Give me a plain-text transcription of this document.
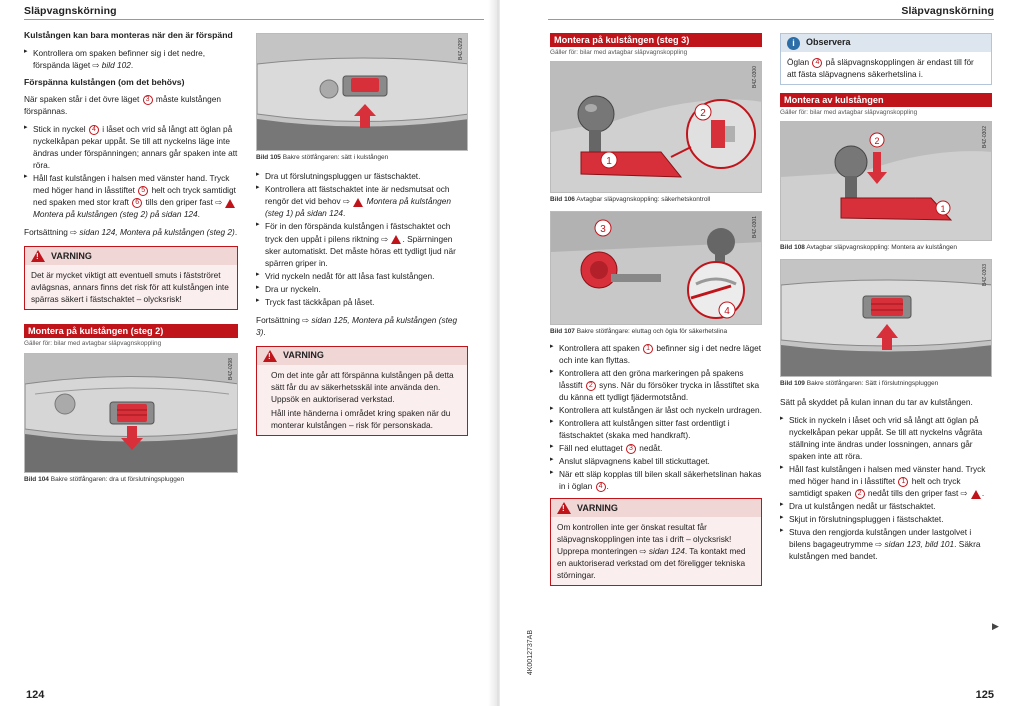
Släpvagnskörning
Kulstången kan bara monteras när den är förspänd
▸ Kontrollera om spaken befinner sig i det nedre, förspända läget ⇨ bild 102.
Förspänna kulstången (om det behövs)

När spaken står i det övre läget 3 måste kulstången förspännas.

▸ Stick in nyckel 4 i låset och vrid så långt att öglan på nyckelkåpan pekar uppåt. Se till att nyckelns läge inte ändras under förspänningen; annars går spaken inte att röra.
▸ Håll fast kulstången i halsen med vänster hand. Tryck med höger hand in låsstiftet 5 helt och tryck samtidigt ned spaken med stor kraft 6 tills den griper fast ⇨  Montera på kulstången (steg 2) på sidan 124.

Fortsättning ⇨ sidan 124, Montera på kulstången (steg 2).

!
VARNING
Det är mycket viktigt att eventuell smuts i fästströret avlägsnas, annars finns det risk för att kulstången inte spärras säkert i fästschaktet – olycksrisk!
Montera på kulstången (steg 2)
Gäller för: bilar med avtagbar släpvagnskoppling
B4Z-0298
Bild 104 Bakre stötfångaren: dra ut förslutningspluggen
B4Z-0299
Bild 105 Bakre stötfångaren: sätt i kulstången
▸ Dra ut förslutningspluggen ur fästschaktet.
▸ Kontrollera att fästschaktet inte är nedsmutsat och rengör det vid behov ⇨  Montera på kulstången (steg 1) på sidan 124.
▸ För in den förspända kulstången i fästschaktet och tryck den uppåt i pilens riktning ⇨ . Spärrningen sker automatiskt. Det måste höras ett tydligt ljud när spärren griper in.
▸ Vrid nyckeln nedåt för att låsa fast kulstången.
▸ Dra ur nyckeln.
▸ Tryck fast täckkåpan på låset.

Fortsättning ⇨ sidan 125, Montera på kulstången (steg 3).

!
VARNING
Om det inte går att förspänna kulstången på detta sätt får du av säkerhetsskäl inte använda den. Uppsök en auktoriserad verkstad.
Håll inte händerna i området kring spaken när du monterar kulstången – risk för personskada.
124
Släpvagnskörning
Montera på kulstången (steg 3)
Gäller för: bilar med avtagbar släpvagnskoppling
1
2
B4Z-0300
Bild 106 Avtagbar släpvagnskoppling: säkerhetskontroll
3
4
B4Z-0301
Bild 107 Bakre stötfångare: eluttag och ögla för säkerhetslina
▸ Kontrollera att spaken 1 befinner sig i det nedre läget och inte kan flyttas.
▸ Kontrollera att den gröna markeringen på spakens låsstift 2 syns. När du försöker trycka in låsstiftet ska du känna ett tydligt fjädermotstånd.
▸ Kontrollera att kulstången är låst och nyckeln urdragen.
▸ Kontrollera att kulstången sitter fast ordentligt i fästschaktet (skaka med handkraft).
▸ Fäll ned eluttaget 3 nedåt.
▸ Anslut släpvagnens kabel till stickuttaget.
▸ När ett släp kopplas till bilen skall säkerhetslinan hakas in i öglan 4 .
!
VARNING
Om kontrollen inte ger önskat resultat får släpvagnskopplingen inte tas i drift – olycksrisk! Upprepa monteringen ⇨ sidan 124. Ta kontakt med en auktoriserad verkstad om det föreligger tekniska störningar.
4K0012737AB
i	Observera
Öglan 4 på släpvagnskopplingen är endast till för att fästa släpvagnens säkerhetslina i.
Montera av kulstången
Gäller för: bilar med avtagbar släpvagnskoppling
2
1
B4Z-0302
Bild 108 Avtagbar släpvagnskoppling: Montera av kulstången
B4Z-0303
Bild 109 Bakre stötfångaren: Sätt i förslutningspluggen

Sätt på skyddet på kulan innan du tar av kulstången.

▸ Stick in nyckeln i låset och vrid så långt att öglan på nyckelkåpan pekar uppåt. Se till att nyckelns vågräta ställning inte ändras under lossningen, annars går spaken inte att röra.
▸ Håll fast kulstången i halsen med vänster hand. Tryck med höger hand in i låsstiftet 1 helt och tryck samtidigt spaken 2 nedåt tills den griper fast ⇨ .
▸ Dra ut kulstången nedåt ur fästschaktet.
▸ Skjut in förslutningspluggen i fästschaktet.
▸ Stuva den rengjorda kulstången under lastgolvet i bilens bagageutrymme ⇨ sidan 123, bild 101. Säkra kulstången med bandet.
▶
125
